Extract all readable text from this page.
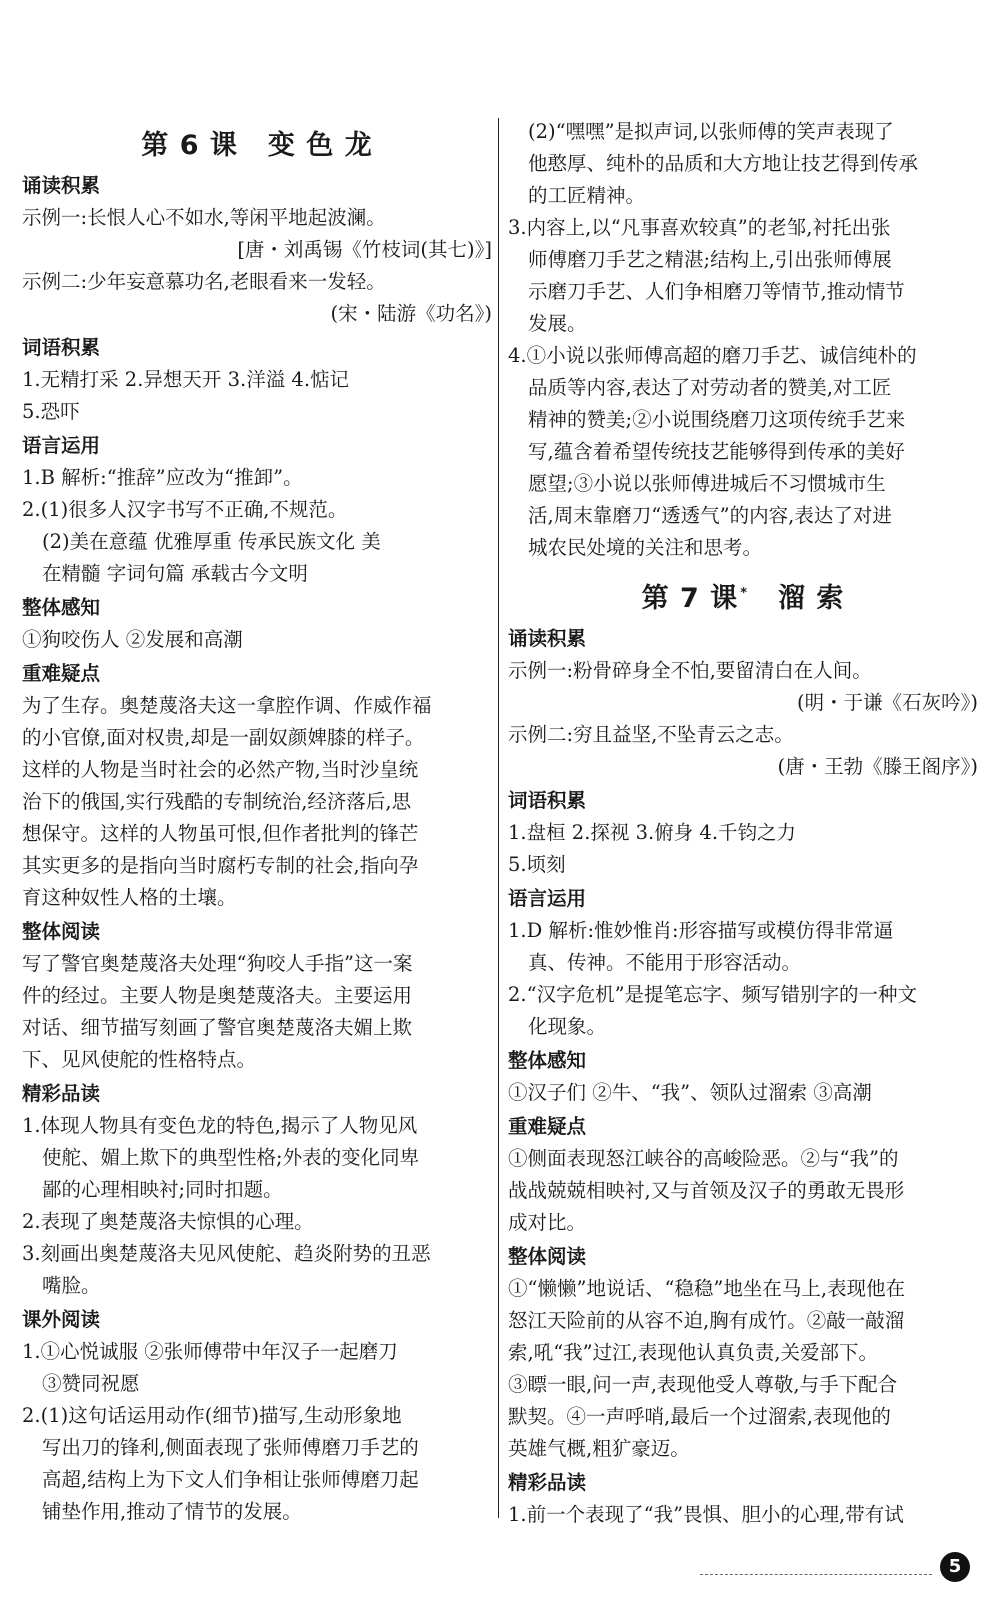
第 6 课 变 色 龙
诵读积累
示例一:长恨人心不如水,等闲平地起波澜。
[唐・刘禹锡《竹枝词(其七)》]
示例二:少年妄意慕功名,老眼看来一发轻。
(宋・陆游《功名》)
词语积累
1.无精打采 2.异想天开 3.洋溢 4.惦记
5.恐吓
语言运用
1.B 解析:“推辞”应改为“推卸”。
2.(1)很多人汉字书写不正确,不规范。
(2)美在意蕴 优雅厚重 传承民族文化 美
在精髓 字词句篇 承载古今文明
整体感知
①狗咬伤人 ②发展和高潮
重难疑点
为了生存。奥楚蔑洛夫这一拿腔作调、作威作福
的小官僚,面对权贵,却是一副奴颜婢膝的样子。
这样的人物是当时社会的必然产物,当时沙皇统
治下的俄国,实行残酷的专制统治,经济落后,思
想保守。这样的人物虽可恨,但作者批判的锋芒
其实更多的是指向当时腐朽专制的社会,指向孕
育这种奴性人格的土壤。
整体阅读
写了警官奥楚蔑洛夫处理“狗咬人手指”这一案
件的经过。主要人物是奥楚蔑洛夫。主要运用
对话、细节描写刻画了警官奥楚蔑洛夫媚上欺
下、见风使舵的性格特点。
精彩品读
1.体现人物具有变色龙的特色,揭示了人物见风
使舵、媚上欺下的典型性格;外表的变化同卑
鄙的心理相映衬;同时扣题。
2.表现了奥楚蔑洛夫惊惧的心理。
3.刻画出奥楚蔑洛夫见风使舵、趋炎附势的丑恶
嘴脸。
课外阅读
1.①心悦诚服 ②张师傅带中年汉子一起磨刀
③赞同祝愿
2.(1)这句话运用动作(细节)描写,生动形象地
写出刀的锋利,侧面表现了张师傅磨刀手艺的
高超,结构上为下文人们争相让张师傅磨刀起
铺垫作用,推动了情节的发展。
(2)“嘿嘿”是拟声词,以张师傅的笑声表现了
他憨厚、纯朴的品质和大方地让技艺得到传承
的工匠精神。
3.内容上,以“凡事喜欢较真”的老邹,衬托出张
师傅磨刀手艺之精湛;结构上,引出张师傅展
示磨刀手艺、人们争相磨刀等情节,推动情节
发展。
4.①小说以张师傅高超的磨刀手艺、诚信纯朴的
品质等内容,表达了对劳动者的赞美,对工匠
精神的赞美;②小说围绕磨刀这项传统手艺来
写,蕴含着希望传统技艺能够得到传承的美好
愿望;③小说以张师傅进城后不习惯城市生
活,周末靠磨刀“透透气”的内容,表达了对进
城农民处境的关注和思考。
第 7 课 * 溜 索
诵读积累
示例一:粉骨碎身全不怕,要留清白在人间。
(明・于谦《石灰吟》)
示例二:穷且益坚,不坠青云之志。
(唐・王勃《滕王阁序》)
词语积累
1.盘桓 2.探视 3.俯身 4.千钧之力
5.顷刻
语言运用
1.D 解析:惟妙惟肖:形容描写或模仿得非常逼
真、传神。不能用于形容活动。
2.“汉字危机”是提笔忘字、频写错别字的一种文
化现象。
整体感知
①汉子们 ②牛、“我”、领队过溜索 ③高潮
重难疑点
①侧面表现怒江峡谷的高峻险恶。②与“我”的
战战兢兢相映衬,又与首领及汉子的勇敢无畏形
成对比。
整体阅读
①“懒懒”地说话、“稳稳”地坐在马上,表现他在
怒江天险前的从容不迫,胸有成竹。②敲一敲溜
索,吼“我”过江,表现他认真负责,关爱部下。
③瞟一眼,问一声,表现他受人尊敬,与手下配合
默契。④一声呼哨,最后一个过溜索,表现他的
英雄气概,粗犷豪迈。
精彩品读
1.前一个表现了“我”畏惧、胆小的心理,带有试
5
